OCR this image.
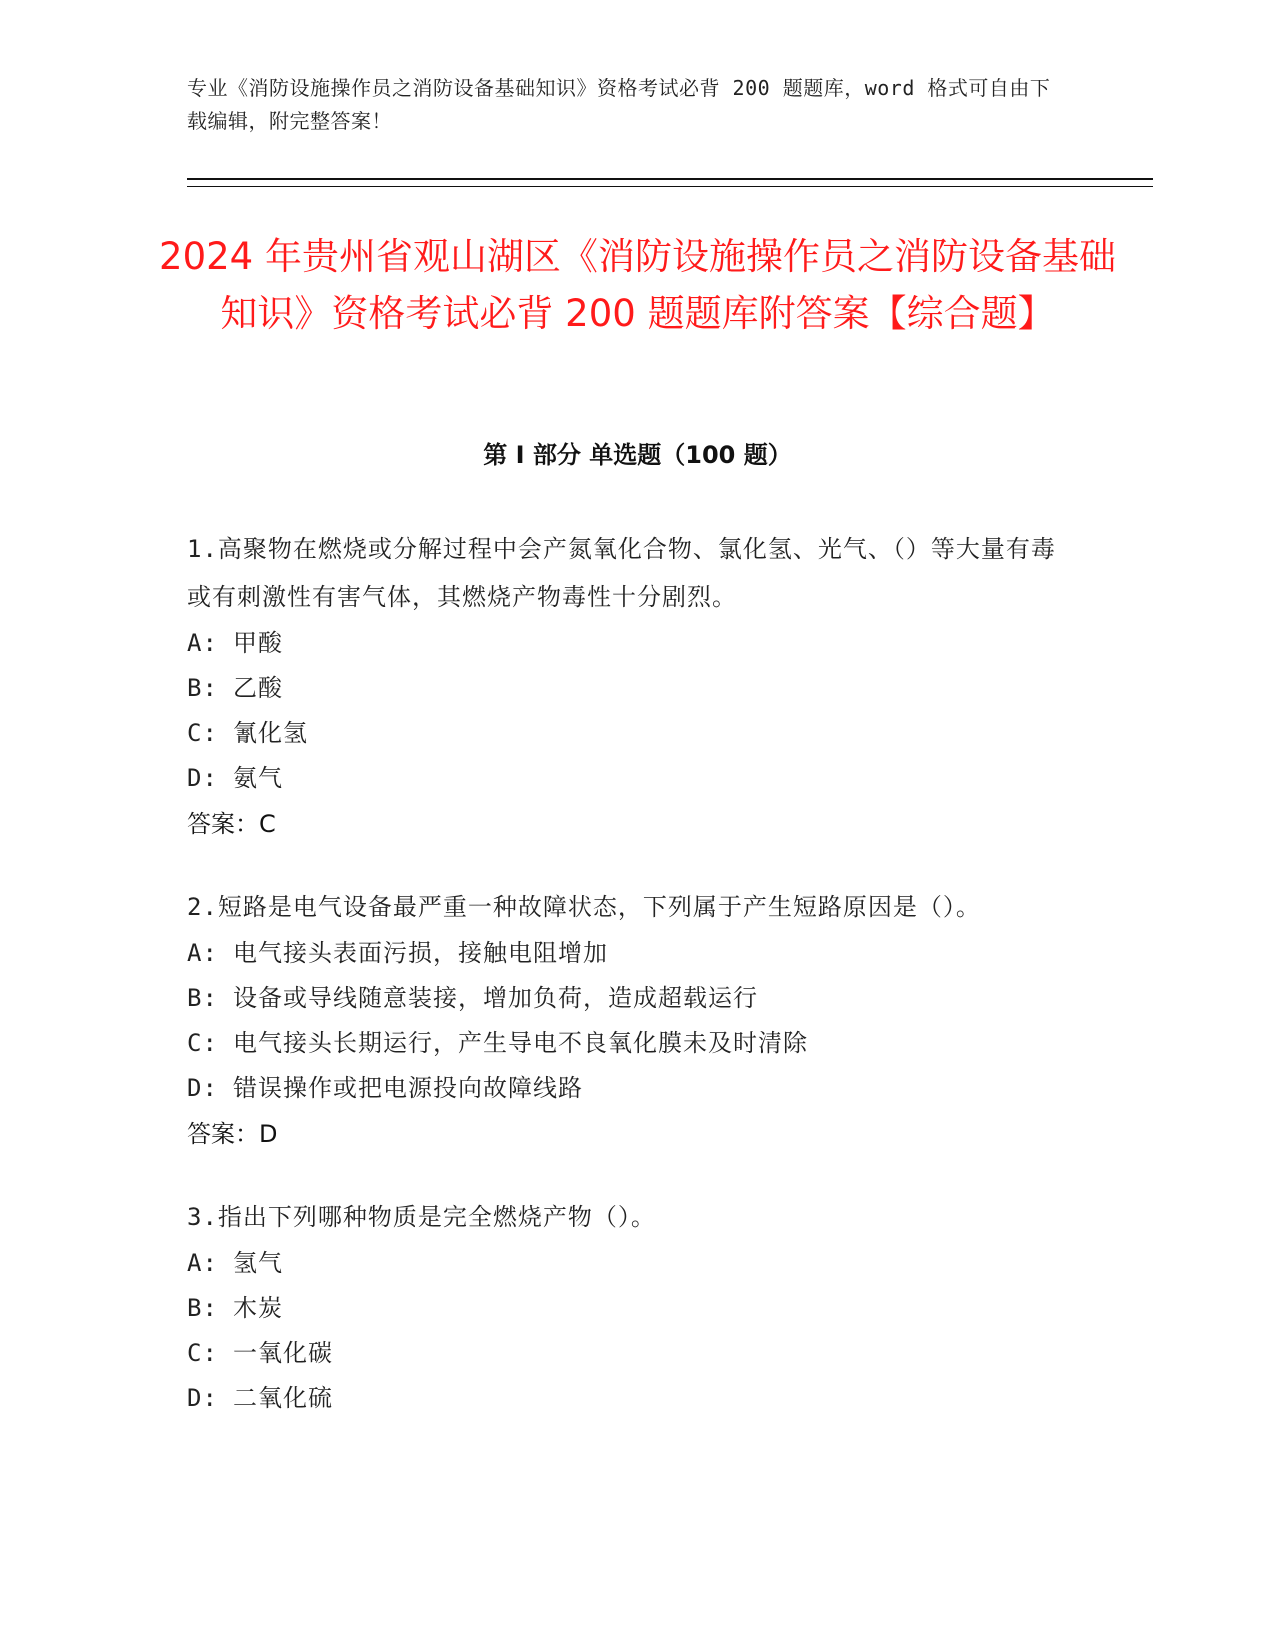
专业《消防设施操作员之消防设备基础知识》资格考试必背 200 题题库，word 格式可自由下载编辑，附完整答案！
2024 年贵州省观山湖区《消防设施操作员之消防设备基础知识》资格考试必背 200 题题库附答案【综合题】
第 I 部分 单选题（100 题）

1.高聚物在燃烧或分解过程中会产氮氧化合物、氯化氢、光气、（）等大量有毒或有刺激性有害气体，其燃烧产物毒性十分剧烈。

A: 甲酸
B: 乙酸
C: 氰化氢
D: 氨气
答案：C

2.短路是电气设备最严重一种故障状态，下列属于产生短路原因是（）。

A: 电气接头表面污损，接触电阻增加
B: 设备或导线随意装接，增加负荷，造成超载运行
C: 电气接头长期运行，产生导电不良氧化膜未及时清除
D: 错误操作或把电源投向故障线路
答案：D

3.指出下列哪种物质是完全燃烧产物（）。

A: 氢气
B: 木炭
C: 一氧化碳
D: 二氧化硫
